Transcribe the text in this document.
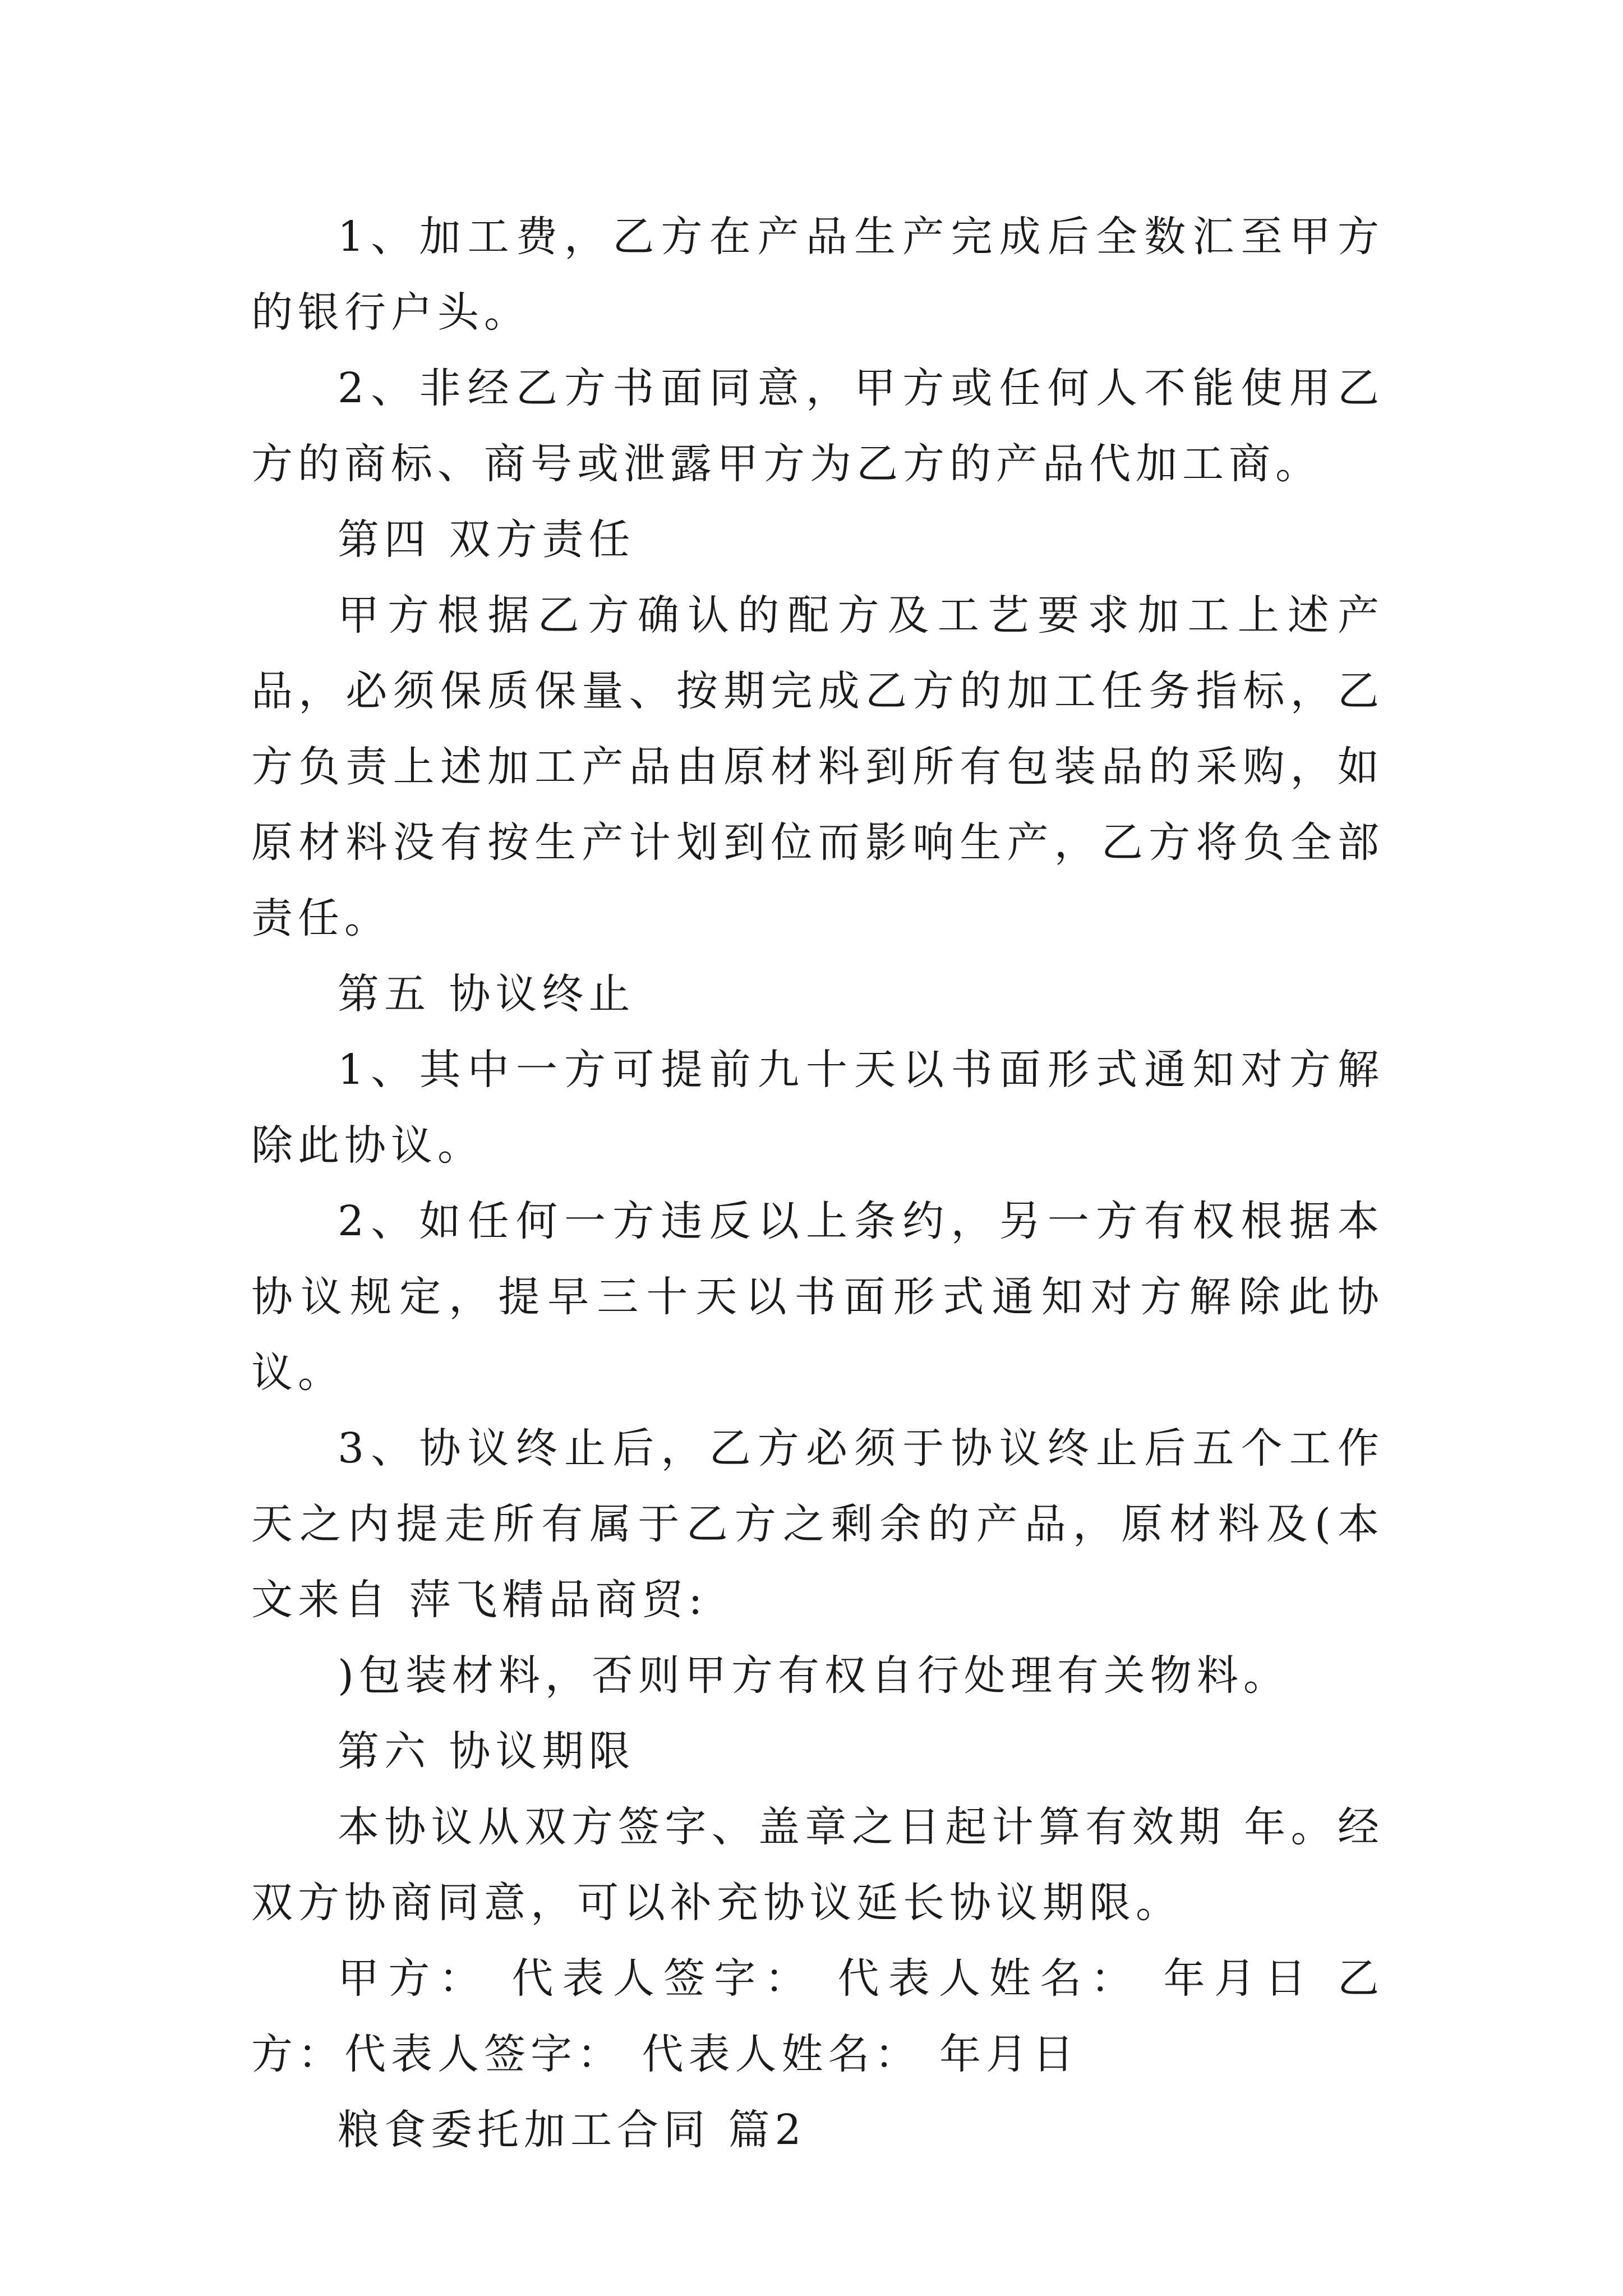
1、加工费，乙方在产品生产完成后全数汇至甲方的银行户头。

2、非经乙方书面同意，甲方或任何人不能使用乙方的商标、商号或泄露甲方为乙方的产品代加工商。

第四 双方责任

甲方根据乙方确认的配方及工艺要求加工上述产品，必须保质保量、按期完成乙方的加工任务指标，乙方负责上述加工产品由原材料到所有包装品的采购，如原材料没有按生产计划到位而影响生产，乙方将负全部责任。

第五 协议终止

1、其中一方可提前九十天以书面形式通知对方解除此协议。

2、如任何一方违反以上条约，另一方有权根据本协议规定，提早三十天以书面形式通知对方解除此协议。

3、协议终止后，乙方必须于协议终止后五个工作天之内提走所有属于乙方之剩余的产品，原材料及(本文来自 萍飞精品商贸:

)包装材料，否则甲方有权自行处理有关物料。

第六 协议期限

本协议从双方签字、盖章之日起计算有效期 年。经双方协商同意，可以补充协议延长协议期限。

甲方： 代表人签字： 代表人姓名： 年月日 乙方：代表人签字： 代表人姓名： 年月日

粮食委托加工合同 篇2
